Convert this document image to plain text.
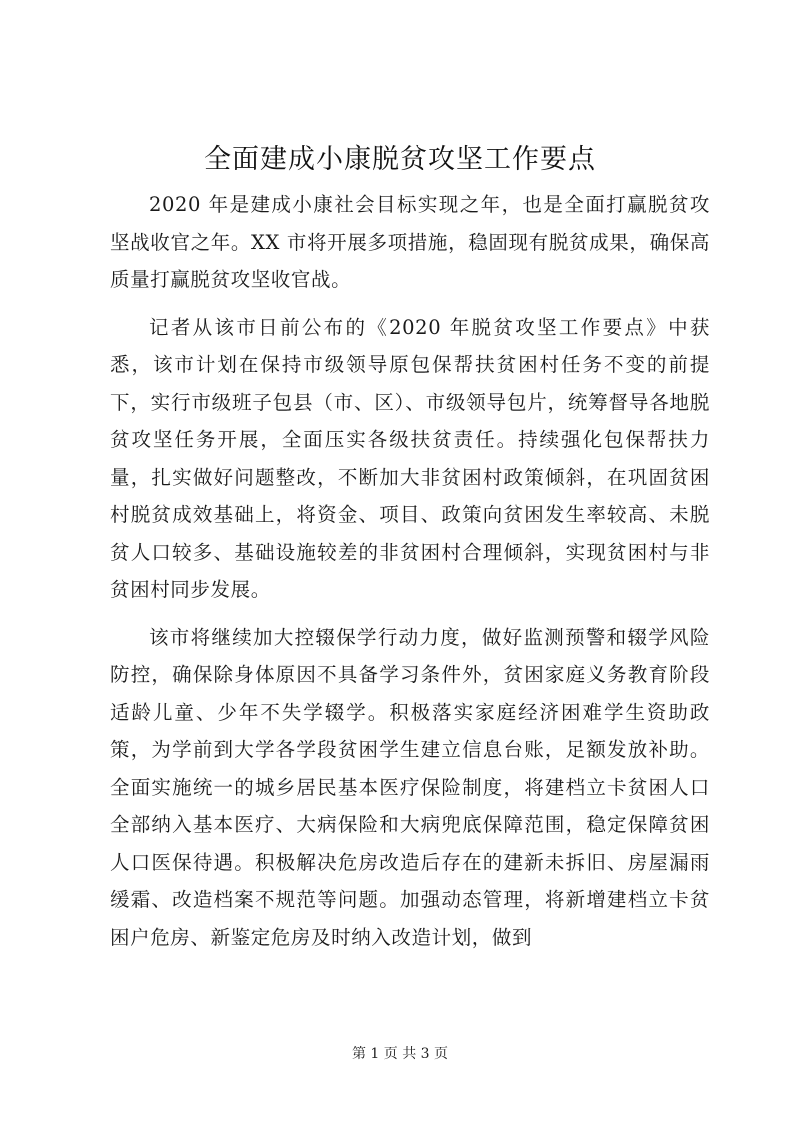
全面建成小康脱贫攻坚工作要点

2020 年是建成小康社会目标实现之年，也是全面打赢脱贫攻坚战收官之年。XX 市将开展多项措施，稳固现有脱贫成果，确保高质量打赢脱贫攻坚收官战。

记者从该市日前公布的《2020 年脱贫攻坚工作要点》中获悉，该市计划在保持市级领导原包保帮扶贫困村任务不变的前提下，实行市级班子包县（市、区）、市级领导包片，统筹督导各地脱贫攻坚任务开展，全面压实各级扶贫责任。持续强化包保帮扶力量，扎实做好问题整改，不断加大非贫困村政策倾斜，在巩固贫困村脱贫成效基础上，将资金、项目、政策向贫困发生率较高、未脱贫人口较多、基础设施较差的非贫困村合理倾斜，实现贫困村与非贫困村同步发展。

该市将继续加大控辍保学行动力度，做好监测预警和辍学风险防控，确保除身体原因不具备学习条件外，贫困家庭义务教育阶段适龄儿童、少年不失学辍学。积极落实家庭经济困难学生资助政策，为学前到大学各学段贫困学生建立信息台账，足额发放补助。全面实施统一的城乡居民基本医疗保险制度，将建档立卡贫困人口全部纳入基本医疗、大病保险和大病兜底保障范围，稳定保障贫困人口医保待遇。积极解决危房改造后存在的建新未拆旧、房屋漏雨缓霜、改造档案不规范等问题。加强动态管理，将新增建档立卡贫困户危房、新鉴定危房及时纳入改造计划，做到

第 1 页 共 3 页
